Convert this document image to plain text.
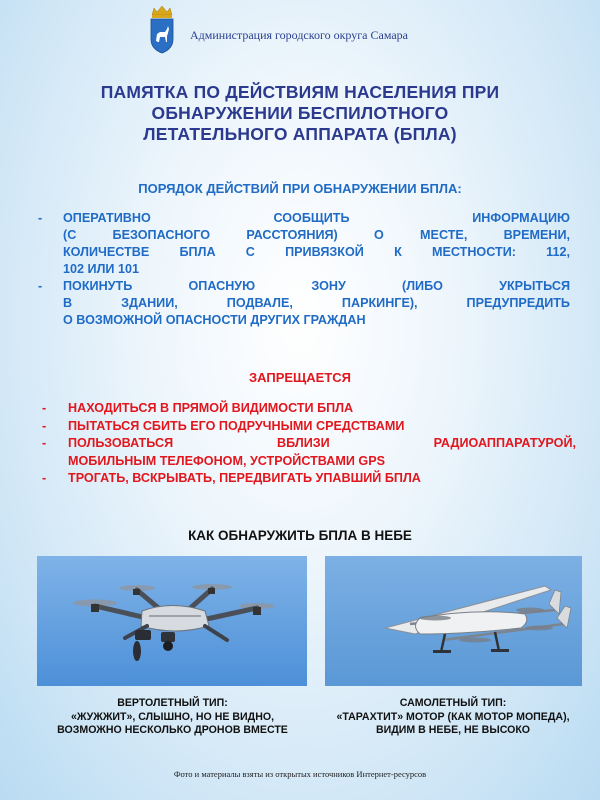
Администрация городского округа Самара
ПАМЯТКА ПО ДЕЙСТВИЯМ НАСЕЛЕНИЯ ПРИ
ОБНАРУЖЕНИИ БЕСПИЛОТНОГО
ЛЕТАТЕЛЬНОГО АППАРАТА (БПЛА)
ПОРЯДОК ДЕЙСТВИЙ ПРИ ОБНАРУЖЕНИИ БПЛА:
- ОПЕРАТИВНО СООБЩИТЬ ИНФОРМАЦИЮ
(С БЕЗОПАСНОГО РАССТОЯНИЯ) О МЕСТЕ, ВРЕМЕНИ,
КОЛИЧЕСТВЕ БПЛА С ПРИВЯЗКОЙ К МЕСТНОСТИ: 112,
102 ИЛИ 101
- ПОКИНУТЬ ОПАСНУЮ ЗОНУ (ЛИБО УКРЫТЬСЯ
В ЗДАНИИ, ПОДВАЛЕ, ПАРКИНГЕ), ПРЕДУПРЕДИТЬ
О ВОЗМОЖНОЙ ОПАСНОСТИ ДРУГИХ ГРАЖДАН
ЗАПРЕЩАЕТСЯ
- НАХОДИТЬСЯ В ПРЯМОЙ ВИДИМОСТИ БПЛА
- ПЫТАТЬСЯ СБИТЬ ЕГО ПОДРУЧНЫМИ СРЕДСТВАМИ
- ПОЛЬЗОВАТЬСЯ ВБЛИЗИ РАДИОАППАРАТУРОЙ,
МОБИЛЬНЫМ ТЕЛЕФОНОМ, УСТРОЙСТВАМИ GPS
- ТРОГАТЬ, ВСКРЫВАТЬ, ПЕРЕДВИГАТЬ УПАВШИЙ БПЛА
КАК ОБНАРУЖИТЬ БПЛА В НЕБЕ
ВЕРТОЛЕТНЫЙ ТИП:
«ЖУЖЖИТ», СЛЫШНО, НО НЕ ВИДНО,
ВОЗМОЖНО НЕСКОЛЬКО ДРОНОВ ВМЕСТЕ
САМОЛЕТНЫЙ ТИП:
«ТАРАХТИТ» МОТОР (КАК МОТОР МОПЕДА),
ВИДИМ В НЕБЕ, НЕ ВЫСОКО
Фото и материалы взяты из открытых источников Интернет-ресурсов
